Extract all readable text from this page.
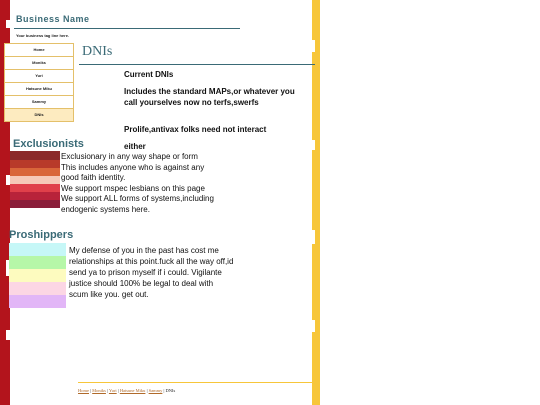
Business Name
Your business tag line here.
Home
Moniks
Yuri
Hatsune Miku
Sammy
DNIs
DNIs
Current DNIs
Includes the standard MAPs,or whatever you call yourselves now no terfs,swerfs
Prolife,antivax folks need not interact
either
Exclusionists
Exclusionary in any way shape or form
This includes anyone who is against any good faith identity.
We support mspec lesbians on this page
We support ALL forms of systems,including endogenic systems here.
Proshippers
My defense of you in the past has cost me relationships at this point.fuck all the way off,id send ya to prison myself if i could. Vigilante justice should 100% be legal to deal with scum like you. get out.
Home | Moniks | Yuri | Hatsune Miku | Sammy | DNIs
